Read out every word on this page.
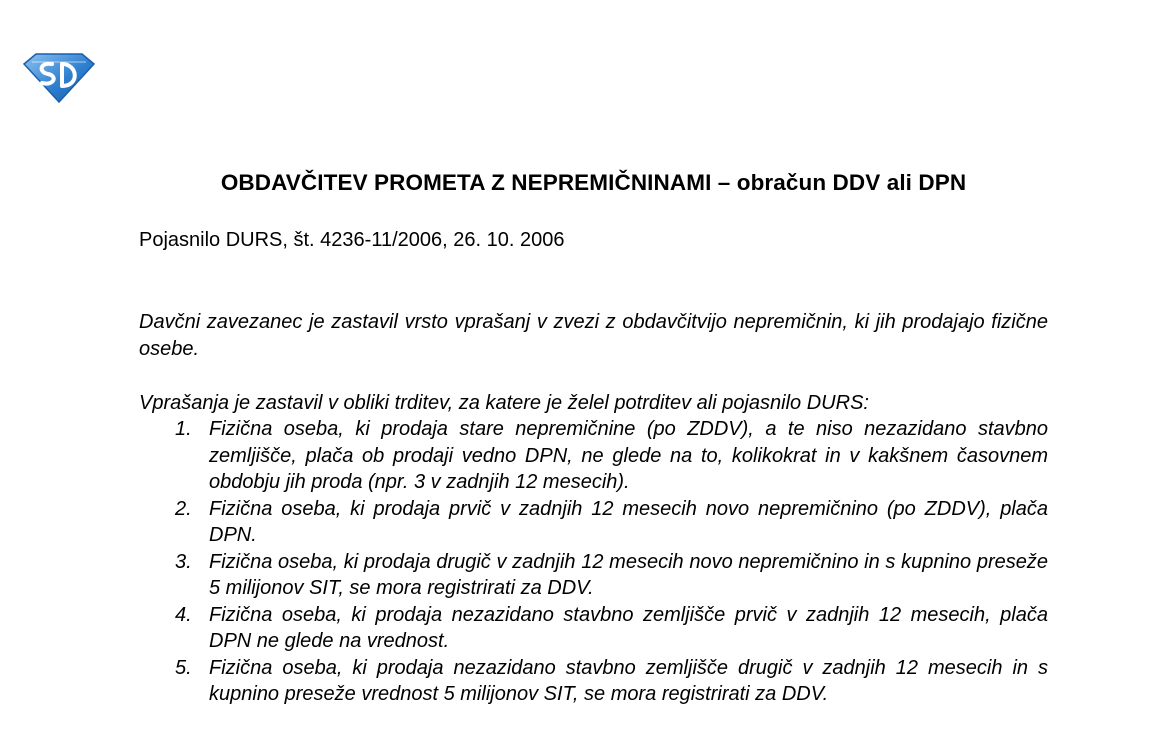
OBDAVČITEV PROMETA Z NEPREMIČNINAMI – obračun DDV ali DPN

Pojasnilo DURS, št. 4236-11/2006, 26. 10. 2006

Davčni zavezanec je zastavil vrsto vprašanj v zvezi z obdavčitvijo nepremičnin, ki jih prodajajo fizične osebe.

Vprašanja je zastavil v obliki trditev, za katere je želel potrditev ali pojasnilo DURS:

1. Fizična oseba, ki prodaja stare nepremičnine (po ZDDV), a te niso nezazidano stavbno zemljišče, plača ob prodaji vedno DPN, ne glede na to, kolikokrat in v kakšnem časovnem obdobju jih proda (npr. 3 v zadnjih 12 mesecih).
2. Fizična oseba, ki prodaja prvič v zadnjih 12 mesecih novo nepremičnino (po ZDDV), plača DPN.
3. Fizična oseba, ki prodaja drugič v zadnjih 12 mesecih novo nepremičnino in s kupnino preseže 5 milijonov SIT, se mora registrirati za DDV.
4. Fizična oseba, ki prodaja nezazidano stavbno zemljišče prvič v zadnjih 12 mesecih, plača DPN ne glede na vrednost.
5. Fizična oseba, ki prodaja nezazidano stavbno zemljišče drugič v zadnjih 12 mesecih in s kupnino preseže vrednost 5 milijonov SIT, se mora registrirati za DDV.
